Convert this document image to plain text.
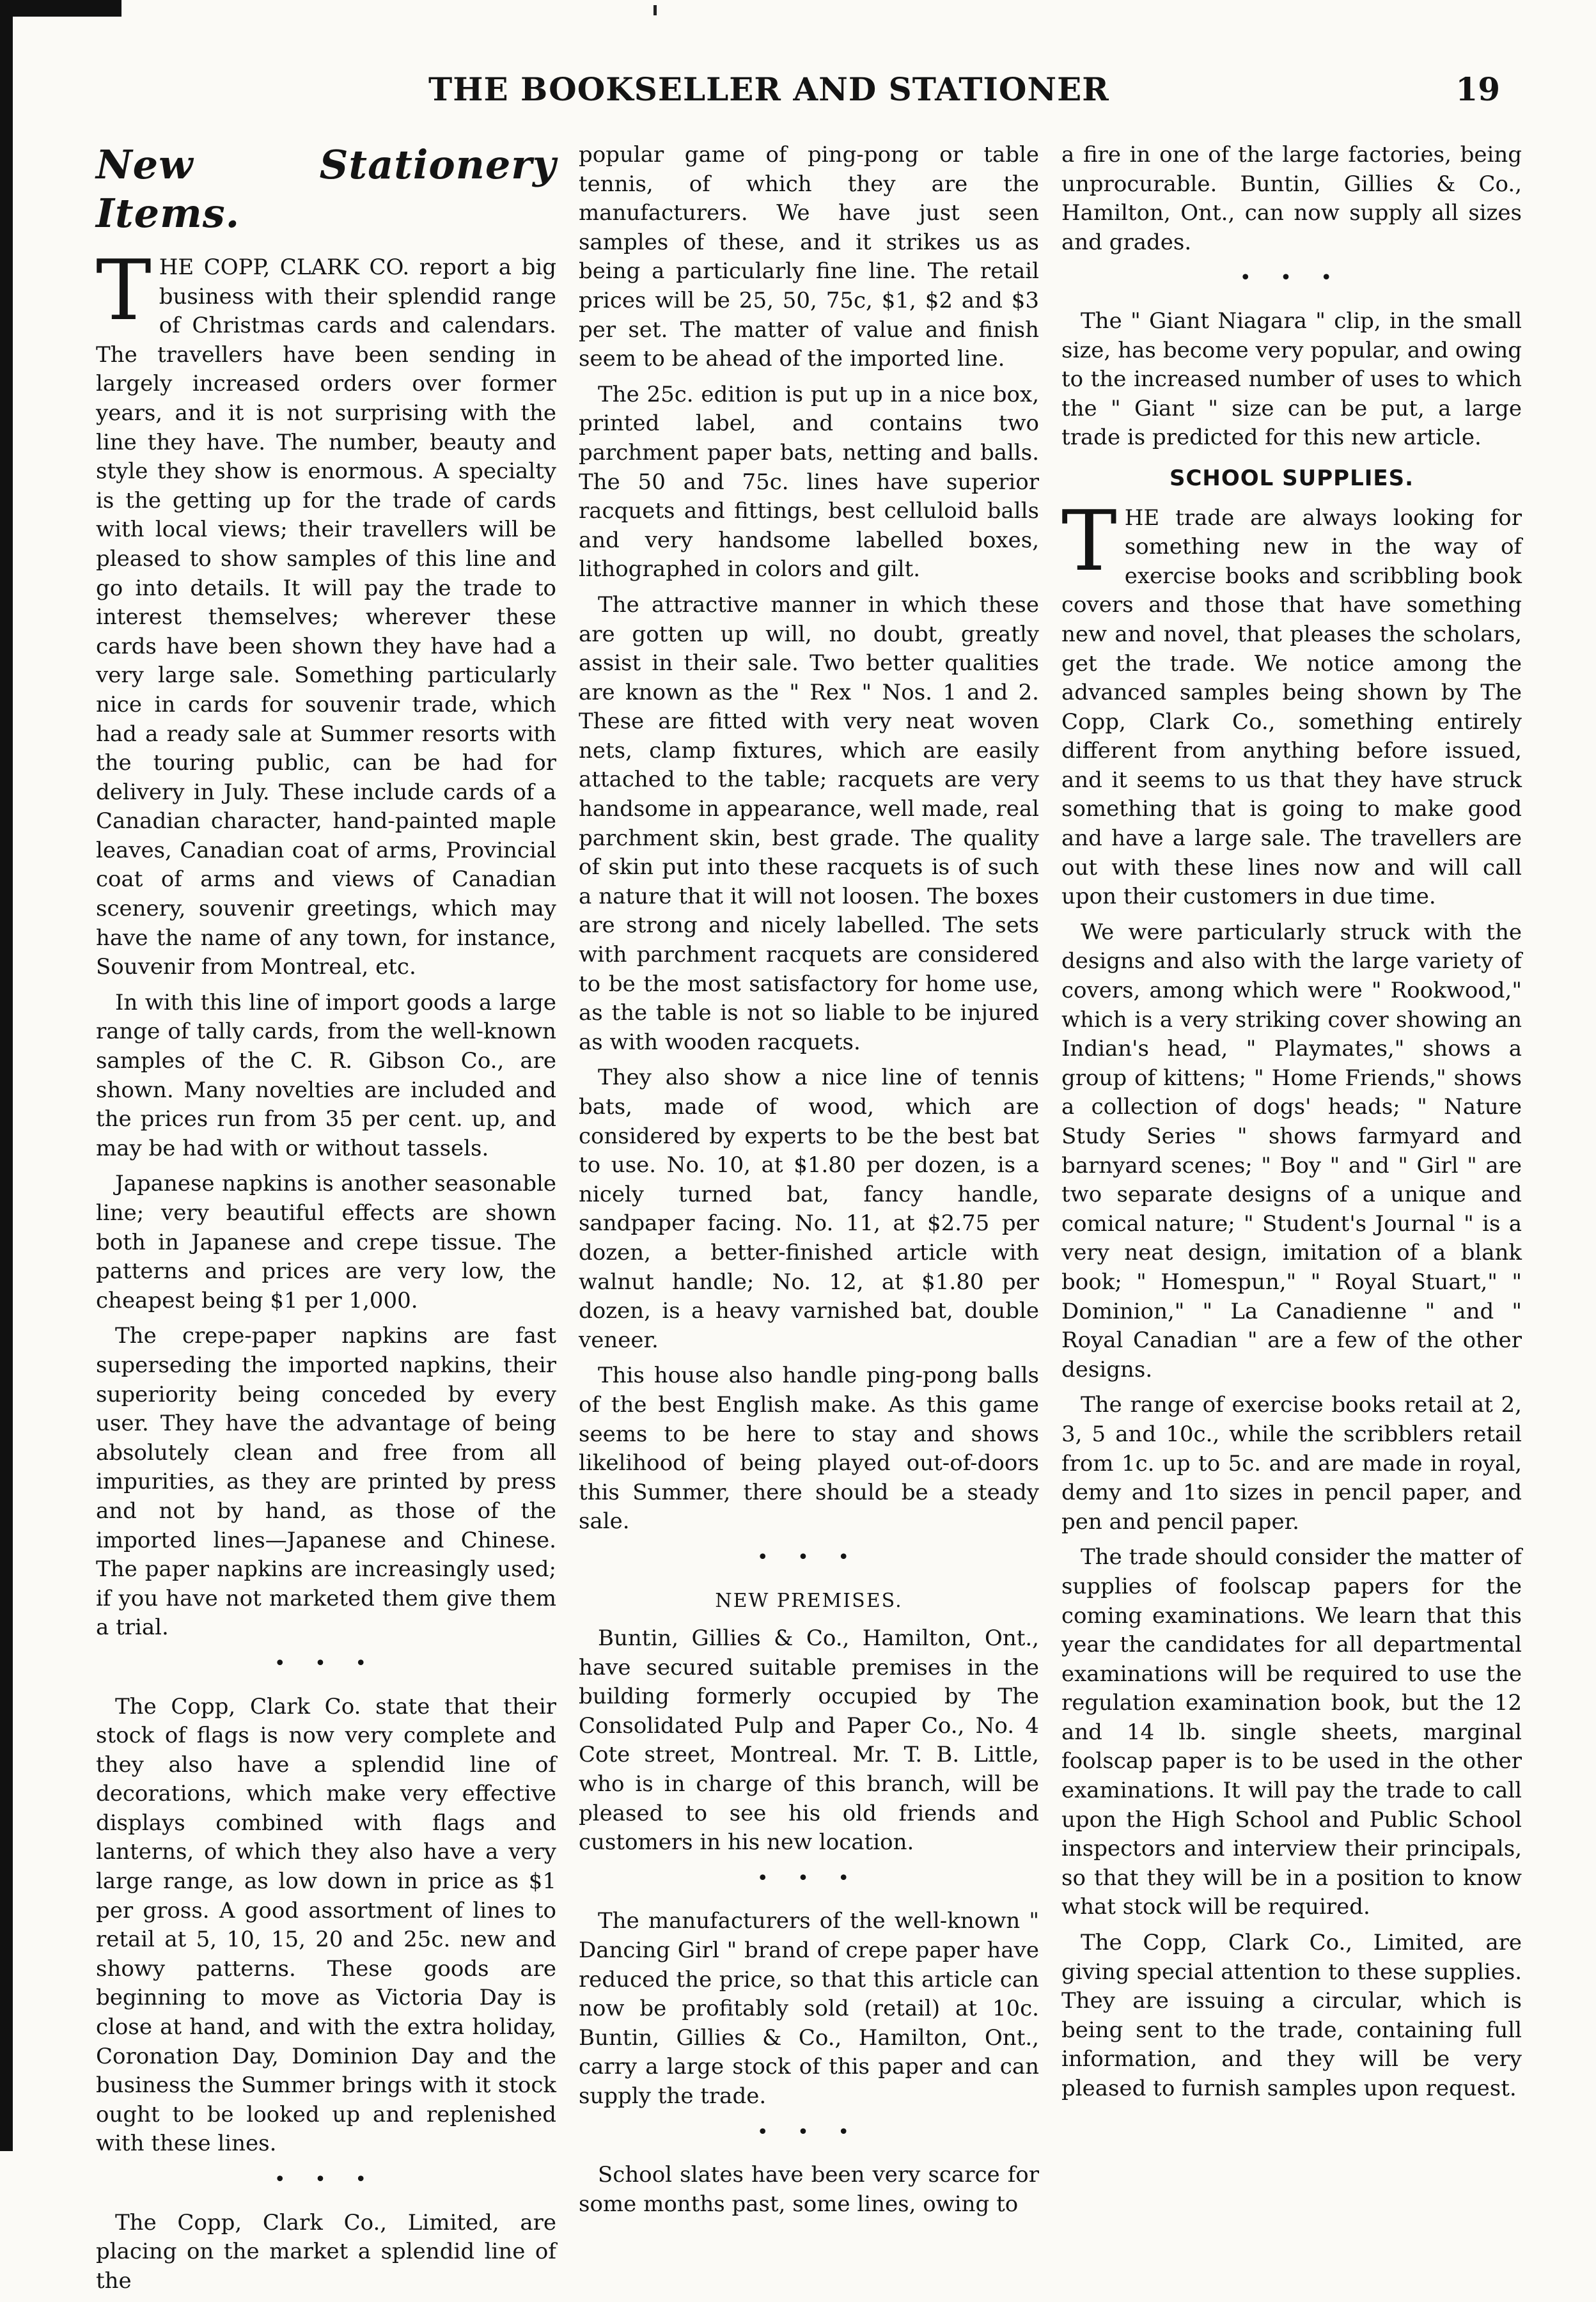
THE BOOKSELLER AND STATIONER	19
New Stationery Items.

THE COPP, CLARK CO. report a big business with their splendid range of Christmas cards and calendars. The travellers have been sending in largely increased orders over former years, and it is not surprising with the line they have. The number, beauty and style they show is enormous. A specialty is the getting up for the trade of cards with local views; their travellers will be pleased to show samples of this line and go into details. It will pay the trade to interest themselves; wherever these cards have been shown they have had a very large sale. Something particularly nice in cards for souvenir trade, which had a ready sale at Summer resorts with the touring public, can be had for delivery in July. These include cards of a Canadian character, hand-painted maple leaves, Canadian coat of arms, Provincial coat of arms and views of Canadian scenery, souvenir greetings, which may have the name of any town, for instance, Souvenir from Montreal, etc.

In with this line of import goods a large range of tally cards, from the well-known samples of the C. R. Gibson Co., are shown. Many novelties are included and the prices run from 35 per cent. up, and may be had with or without tassels.

Japanese napkins is another seasonable line; very beautiful effects are shown both in Japanese and crepe tissue. The patterns and prices are very low, the cheapest being $1 per 1,000.

The crepe-paper napkins are fast superseding the imported napkins, their superiority being conceded by every user. They have the advantage of being absolutely clean and free from all impurities, as they are printed by press and not by hand, as those of the imported lines—Japanese and Chinese. The paper napkins are increasingly used; if you have not marketed them give them a trial.

• • •

The Copp, Clark Co. state that their stock of flags is now very complete and they also have a splendid line of decorations, which make very effective displays combined with flags and lanterns, of which they also have a very large range, as low down in price as $1 per gross. A good assortment of lines to retail at 5, 10, 15, 20 and 25c. new and showy patterns. These goods are beginning to move as Victoria Day is close at hand, and with the extra holiday, Coronation Day, Dominion Day and the business the Summer brings with it stock ought to be looked up and replenished with these lines.

• • •

The Copp, Clark Co., Limited, are placing on the market a splendid line of the

popular game of ping-pong or table tennis, of which they are the manufacturers. We have just seen samples of these, and it strikes us as being a particularly fine line. The retail prices will be 25, 50, 75c, $1, $2 and $3 per set. The matter of value and finish seem to be ahead of the imported line.

The 25c. edition is put up in a nice box, printed label, and contains two parchment paper bats, netting and balls. The 50 and 75c. lines have superior racquets and fittings, best celluloid balls and very handsome labelled boxes, lithographed in colors and gilt.

The attractive manner in which these are gotten up will, no doubt, greatly assist in their sale. Two better qualities are known as the " Rex " Nos. 1 and 2. These are fitted with very neat woven nets, clamp fixtures, which are easily attached to the table; racquets are very handsome in appearance, well made, real parchment skin, best grade. The quality of skin put into these racquets is of such a nature that it will not loosen. The boxes are strong and nicely labelled. The sets with parchment racquets are considered to be the most satisfactory for home use, as the table is not so liable to be injured as with wooden racquets.

They also show a nice line of tennis bats, made of wood, which are considered by experts to be the best bat to use. No. 10, at $1.80 per dozen, is a nicely turned bat, fancy handle, sandpaper facing. No. 11, at $2.75 per dozen, a better-finished article with walnut handle; No. 12, at $1.80 per dozen, is a heavy varnished bat, double veneer.

This house also handle ping-pong balls of the best English make. As this game seems to be here to stay and shows likelihood of being played out-of-doors this Summer, there should be a steady sale.

• • •
NEW PREMISES.

Buntin, Gillies & Co., Hamilton, Ont., have secured suitable premises in the building formerly occupied by The Consolidated Pulp and Paper Co., No. 4 Cote street, Montreal. Mr. T. B. Little, who is in charge of this branch, will be pleased to see his old friends and customers in his new location.

• • •

The manufacturers of the well-known " Dancing Girl " brand of crepe paper have reduced the price, so that this article can now be profitably sold (retail) at 10c. Buntin, Gillies & Co., Hamilton, Ont., carry a large stock of this paper and can supply the trade.

• • •

School slates have been very scarce for some months past, some lines, owing to

a fire in one of the large factories, being unprocurable. Buntin, Gillies & Co., Hamilton, Ont., can now supply all sizes and grades.

• • •

The " Giant Niagara " clip, in the small size, has become very popular, and owing to the increased number of uses to which the " Giant " size can be put, a large trade is predicted for this new article.

SCHOOL SUPPLIES.

THE trade are always looking for something new in the way of exercise books and scribbling book covers and those that have something new and novel, that pleases the scholars, get the trade. We notice among the advanced samples being shown by The Copp, Clark Co., something entirely different from anything before issued, and it seems to us that they have struck something that is going to make good and have a large sale. The travellers are out with these lines now and will call upon their customers in due time.

We were particularly struck with the designs and also with the large variety of covers, among which were " Rookwood," which is a very striking cover showing an Indian's head, " Playmates," shows a group of kittens; " Home Friends," shows a collection of dogs' heads; " Nature Study Series " shows farmyard and barnyard scenes; " Boy " and " Girl " are two separate designs of a unique and comical nature; " Student's Journal " is a very neat design, imitation of a blank book; " Homespun," " Royal Stuart," " Dominion," " La Canadienne " and " Royal Canadian " are a few of the other designs.

The range of exercise books retail at 2, 3, 5 and 10c., while the scribblers retail from 1c. up to 5c. and are made in royal, demy and 1to sizes in pencil paper, and pen and pencil paper.

The trade should consider the matter of supplies of foolscap papers for the coming examinations. We learn that this year the candidates for all departmental examinations will be required to use the regulation examination book, but the 12 and 14 lb. single sheets, marginal foolscap paper is to be used in the other examinations. It will pay the trade to call upon the High School and Public School inspectors and interview their principals, so that they will be in a position to know what stock will be required.

The Copp, Clark Co., Limited, are giving special attention to these supplies. They are issuing a circular, which is being sent to the trade, containing full information, and they will be very pleased to furnish samples upon request.
